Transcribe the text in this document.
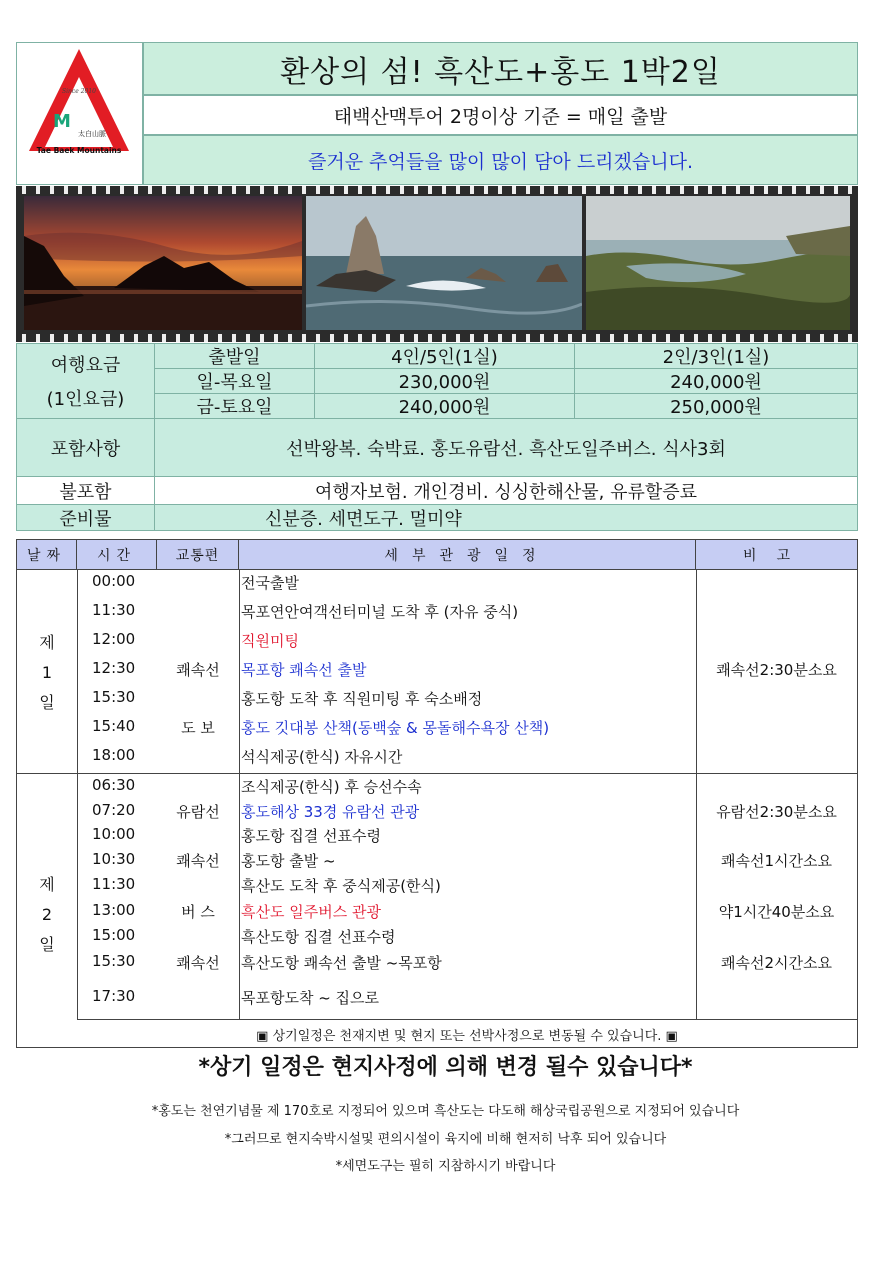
Since 2010
M
太白山脈
Tae Baek Mountains
환상의 섬! 흑산도+홍도 1박2일
태백산맥투어 2명이상 기준 = 매일 출발
즐거운 추억들을 많이 많이 담아 드리겠습니다.
여행요금
(1인요금)
출발일	4인/5인(1실)	2인/3인(1실)
일-목요일	230,000원	240,000원
금-토요일	240,000원	250,000원
포함사항	선박왕복. 숙박료. 홍도유람선. 흑산도일주버스. 식사3회
불포함	여행자보험. 개인경비. 싱싱한해산물, 유류할증료
준비물	신분증. 세면도구. 멀미약
날짜	시간	교통편	세부관광일정	비고
제
1
일
제
2
일
00:00	전국출발
11:30	목포연안여객선터미널 도착 후 (자유 중식)
12:00	직원미팅
12:30	쾌속선	목포항 쾌속선 출발	쾌속선2:30분소요
15:30	홍도항 도착 후 직원미팅 후 숙소배정
15:40	도 보	홍도 깃대봉 산책(동백숲 & 몽돌해수욕장 산책)
18:00	석식제공(한식) 자유시간
06:30	조식제공(한식) 후 승선수속
07:20	유람선	홍도해상 33경 유람선 관광	유람선2:30분소요
10:00	홍도항 집결 선표수령
10:30	쾌속선	홍도항 출발 ~	쾌속선1시간소요
11:30	흑산도 도착 후 중식제공(한식)
13:00	버 스	흑산도 일주버스 관광	약1시간40분소요
15:00	흑산도항 집결 선표수령
15:30	쾌속선	흑산도항 쾌속선 출발 ~목포항	쾌속선2시간소요
17:30	목포항도착 ~ 집으로
▣ 상기일정은 천재지변 및 현지 또는 선박사정으로 변동될 수 있습니다. ▣
*상기 일정은 현지사정에 의해 변경 될수 있습니다*
*홍도는 천연기념물 제 170호로 지정되어 있으며 흑산도는 다도해 해상국립공원으로 지정되어 있습니다
*그러므로 현지숙박시설및 편의시설이 육지에 비해 현저히 낙후 되어 있습니다
*세면도구는 필히 지참하시기 바랍니다
